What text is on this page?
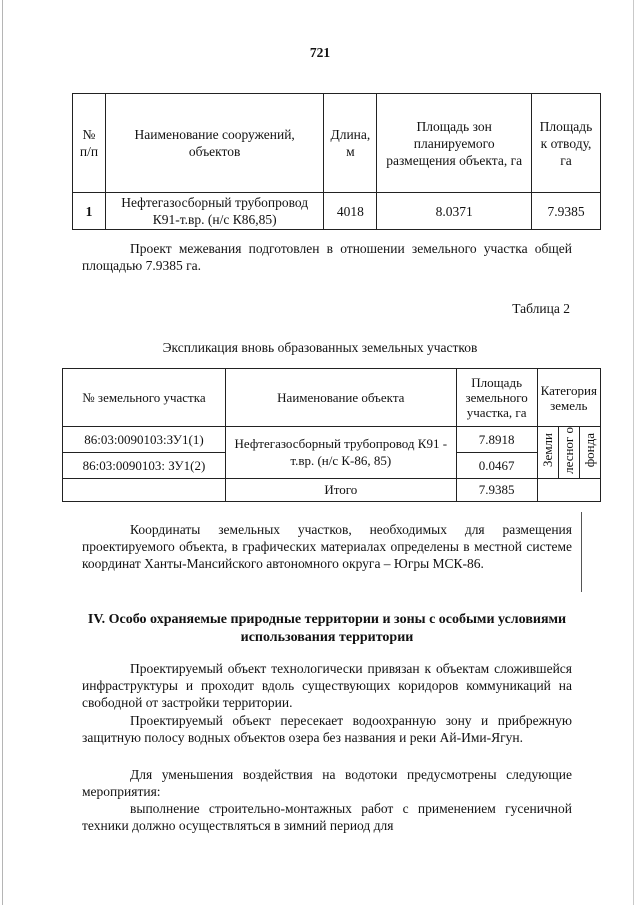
721
№ п/п	Наименование сооружений, объектов	Длина, м	Площадь зон планируемого размещения объекта, га	Площадь к отводу, га
1	Нефтегазосборный трубопровод К91-т.вр. (н/с К86,85)	4018	8.0371	7.9385

Проект межевания подготовлен в отношении земельного участка общей площадью 7.9385 га.

Таблица 2
Экспликация вновь образованных земельных участков
№ земельного участка	Наименование объекта	Площадь земельного участка, га	Категория земель		
86:03:0090103:ЗУ1(1)	Нефтегазосборный трубопровод К91 - т.вр. (н/с К-86, 85)	7.8918	Земли	лесног о	фонда
86:03:0090103: ЗУ1(2)		0.0467			
	Итого	7.9385			

Координаты земельных участков, необходимых для размещения проектируемого объекта, в графических материалах определены в местной системе координат Ханты-Мансийского автономного округа – Югры МСК-86.

IV. Особо охраняемые природные территории и зоны с особыми условиями использования территории

Проектируемый объект технологически привязан к объектам сложившейся инфраструктуры и проходит вдоль существующих коридоров коммуникаций на свободной от застройки территории.

Проектируемый объект пересекает водоохранную зону и прибрежную защитную полосу водных объектов озера без названия и реки Ай-Ими-Ягун.

Для уменьшения воздействия на водотоки предусмотрены следующие мероприятия:

выполнение строительно-монтажных работ с применением гусеничной техники должно осуществляться в зимний период для
